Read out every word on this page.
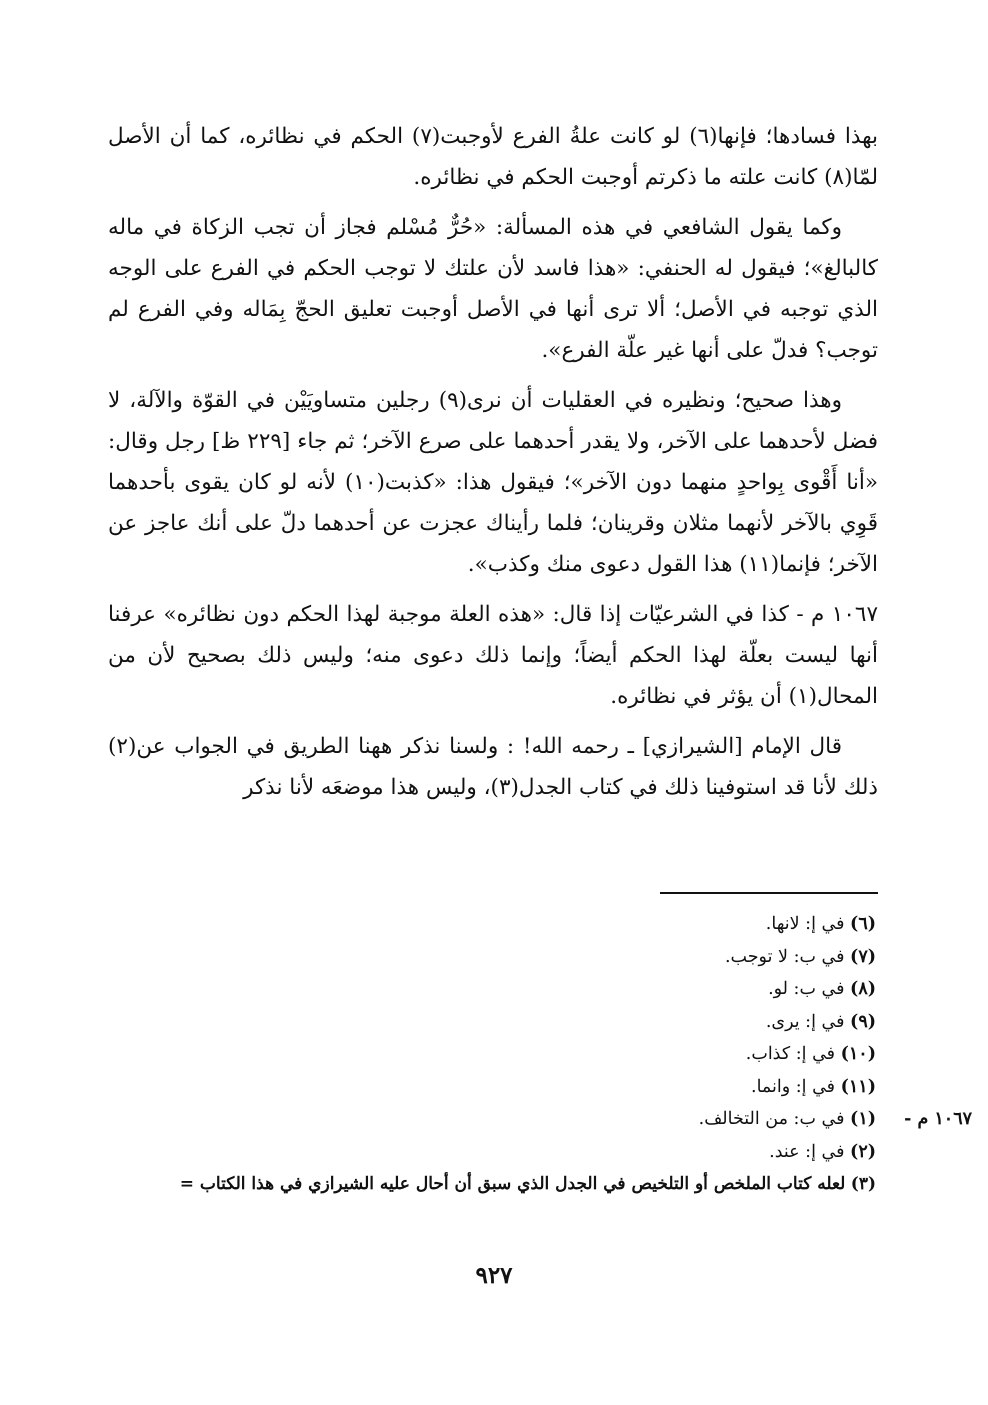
بهذا فسادها؛ فإنها(٦) لو كانت علةُ الفرع لأوجبت(٧) الحكم في نظائره، كما أن الأصل لمّا(٨) كانت علته ما ذكرتم أوجبت الحكم في نظائره.

وكما يقول الشافعي في هذه المسألة: «حُرٌّ مُسْلم فجاز أن تجب الزكاة في ماله كالبالغ»؛ فيقول له الحنفي: «هذا فاسد لأن علتك لا توجب الحكم في الفرع على الوجه الذي توجبه في الأصل؛ ألا ترى أنها في الأصل أوجبت تعليق الحجّ بِمَاله وفي الفرع لم توجب؟ فدلّ على أنها غير علّة الفرع».

وهذا صحيح؛ ونظيره في العقليات أن نرى(٩) رجلين متساويَيْن في القوّة والآلة، لا فضل لأحدهما على الآخر، ولا يقدر أحدهما على صرع الآخر؛ ثم جاء [٢٢٩ ظ] رجل وقال: «أنا أَقْوى بِواحدٍ منهما دون الآخر»؛ فيقول هذا: «كذبت(١٠) لأنه لو كان يقوى بأحدهما قَوِي بالآخر لأنهما مثلان وقرينان؛ فلما رأيناك عجزت عن أحدهما دلّ على أنك عاجز عن الآخر؛ فإنما(١١) هذا القول دعوى منك وكذب».

١٠٦٧ م - كذا في الشرعيّات إذا قال: «هذه العلة موجبة لهذا الحكم دون نظائره» عرفنا أنها ليست بعلّة لهذا الحكم أيضاً؛ وإنما ذلك دعوى منه؛ وليس ذلك بصحيح لأن من المحال(١) أن يؤثر في نظائره.

قال الإمام [الشيرازي] ـ رحمه الله! : ولسنا نذكر ههنا الطريق في الجواب عن(٢) ذلك لأنا قد استوفينا ذلك في كتاب الجدل(٣)، وليس هذا موضعَه لأنا نذكر

(٦) في إ: لانها.
(٧) في ب: لا توجب.
(٨) في ب: لو.
(٩) في إ: يرى.
(١٠) في إ: كذاب.
(١١) في إ: وانما.
١٠٦٧ م -
(١) في ب: من التخالف.
(٢) في إ: عند.
(٣) لعله كتاب الملخص أو التلخيص في الجدل الذي سبق أن أحال عليه الشيرازي في هذا الكتاب =
٩٢٧
